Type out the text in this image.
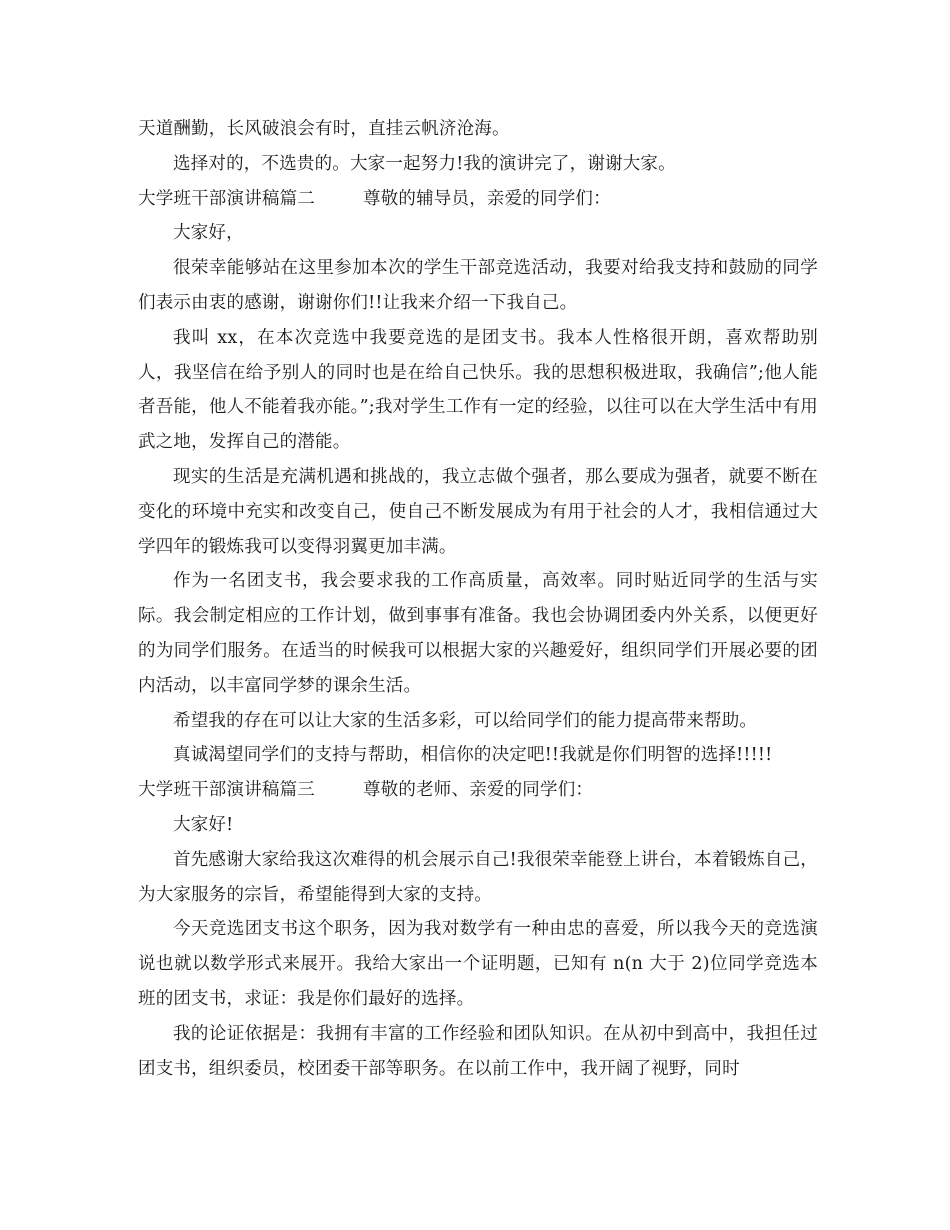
天道酬勤，长风破浪会有时，直挂云帆济沧海。

选择对的，不选贵的。大家一起努力!我的演讲完了，谢谢大家。

大学班干部演讲稿篇二	尊敬的辅导员，亲爱的同学们：

大家好，

很荣幸能够站在这里参加本次的学生干部竞选活动，我要对给我支持和鼓励的同学们表示由衷的感谢，谢谢你们!!让我来介绍一下我自己。

我叫 xx，在本次竞选中我要竞选的是团支书。我本人性格很开朗，喜欢帮助别人，我坚信在给予别人的同时也是在给自己快乐。我的思想积极进取，我确信”;他人能者吾能，他人不能着我亦能。”;我对学生工作有一定的经验，以往可以在大学生活中有用武之地，发挥自己的潜能。

现实的生活是充满机遇和挑战的，我立志做个强者，那么要成为强者，就要不断在变化的环境中充实和改变自己，使自己不断发展成为有用于社会的人才，我相信通过大学四年的锻炼我可以变得羽翼更加丰满。

作为一名团支书，我会要求我的工作高质量，高效率。同时贴近同学的生活与实际。我会制定相应的工作计划，做到事事有准备。我也会协调团委内外关系，以便更好的为同学们服务。在适当的时候我可以根据大家的兴趣爱好，组织同学们开展必要的团内活动，以丰富同学梦的课余生活。

希望我的存在可以让大家的生活多彩，可以给同学们的能力提高带来帮助。

真诚渴望同学们的支持与帮助，相信你的决定吧!!我就是你们明智的选择!!!!!

大学班干部演讲稿篇三	尊敬的老师、亲爱的同学们：

大家好!

首先感谢大家给我这次难得的机会展示自己!我很荣幸能登上讲台，本着锻炼自己，为大家服务的宗旨，希望能得到大家的支持。

今天竞选团支书这个职务，因为我对数学有一种由忠的喜爱，所以我今天的竞选演说也就以数学形式来展开。我给大家出一个证明题，已知有 n(n 大于 2)位同学竞选本班的团支书，求证：我是你们最好的选择。

我的论证依据是：我拥有丰富的工作经验和团队知识。在从初中到高中，我担任过团支书，组织委员，校团委干部等职务。在以前工作中，我开阔了视野，同时
